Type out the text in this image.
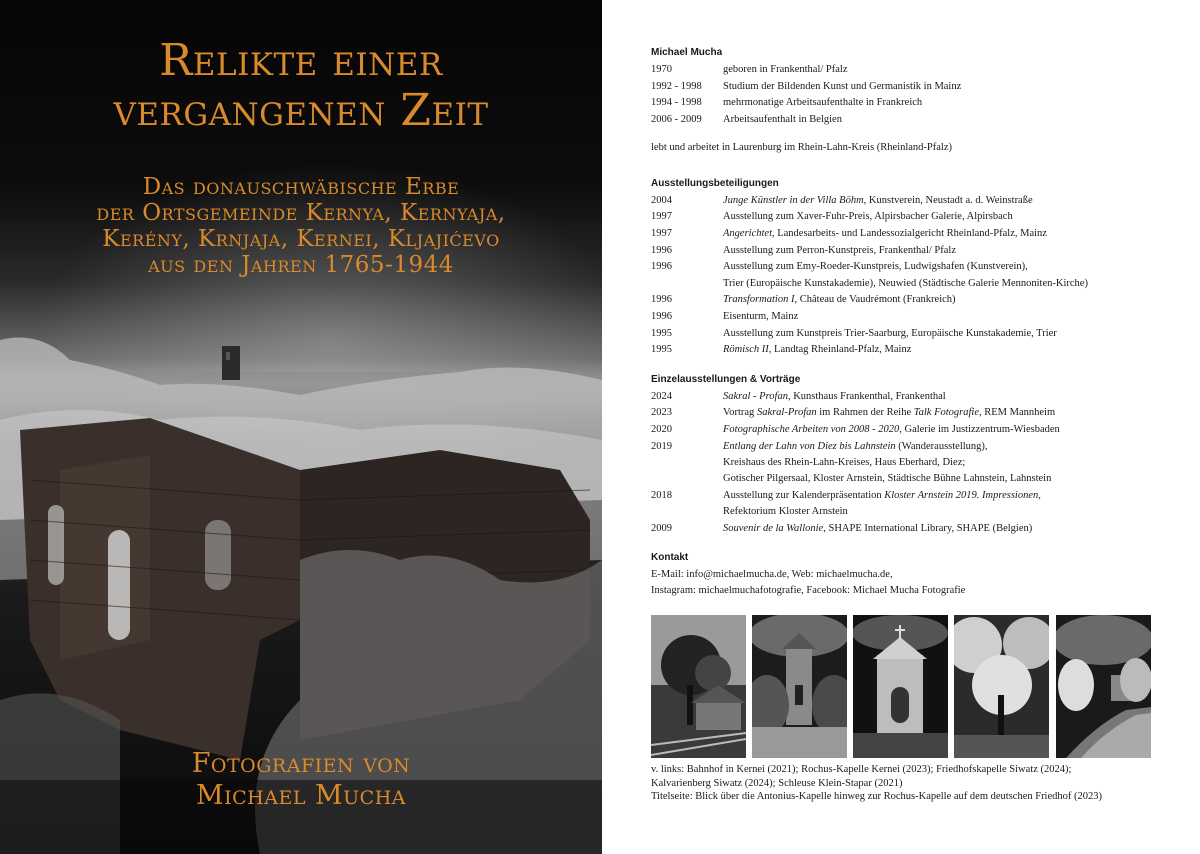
Relikte einer
vergangenen Zeit
Das donauschwäbische Erbe
der Ortsgemeinde Kernya, Kernyaja,
Kerény, Krnjaja, Kernei, Kljajićevo
aus den Jahren 1765-1944
Fotografien von
Michael Mucha
Michael Mucha
1970	geboren in Frankenthal/ Pfalz
1992 - 1998	Studium der Bildenden Kunst und Germanistik in Mainz
1994 - 1998	mehrmonatige Arbeitsaufenthalte in Frankreich
2006 - 2009	Arbeitsaufenthalt in Belgien
lebt und arbeitet in Laurenburg im Rhein-Lahn-Kreis (Rheinland-Pfalz)
Ausstellungsbeteiligungen
2004	Junge Künstler in der Villa Böhm, Kunstverein, Neustadt a. d. Weinstraße
1997	Ausstellung zum Xaver-Fuhr-Preis, Alpirsbacher Galerie, Alpirsbach
1997	Angerichtet, Landesarbeits- und Landessozialgericht Rheinland-Pfalz, Mainz
1996	Ausstellung zum Perron-Kunstpreis, Frankenthal/ Pfalz
1996	Ausstellung zum Emy-Roeder-Kunstpreis, Ludwigshafen (Kunstverein),
Trier (Europäische Kunstakademie), Neuwied (Städtische Galerie Mennoniten-Kirche)
1996	Transformation I, Château de Vaudrémont (Frankreich)
1996	Eisenturm, Mainz
1995	Ausstellung zum Kunstpreis Trier-Saarburg, Europäische Kunstakademie, Trier
1995	Römisch II, Landtag Rheinland-Pfalz, Mainz
Einzelausstellungen & Vorträge
2024	Sakral - Profan, Kunsthaus Frankenthal, Frankenthal
2023	Vortrag Sakral-Profan im Rahmen der Reihe Talk Fotografie, REM Mannheim
2020	Fotographische Arbeiten von 2008 - 2020, Galerie im Justizzentrum-Wiesbaden
2019	Entlang der Lahn von Diez bis Lahnstein (Wanderausstellung),
Kreishaus des Rhein-Lahn-Kreises, Haus Eberhard, Diez;
Gotischer Pilgersaal, Kloster Arnstein, Städtische Bühne Lahnstein, Lahnstein
2018	Ausstellung zur Kalenderpräsentation Kloster Arnstein 2019. Impressionen,
Refektorium Kloster Arnstein
2009	Souvenir de la Wallonie, SHAPE International Library, SHAPE (Belgien)
Kontakt
E-Mail: info@michaelmucha.de, Web: michaelmucha.de,
Instagram: michaelmuchafotografie, Facebook: Michael Mucha Fotografie
v. links: Bahnhof in Kernei (2021); Rochus-Kapelle Kernei (2023); Friedhofskapelle Siwatz (2024);
Kalvarienberg Siwatz (2024); Schleuse Klein-Stapar (2021)
Titelseite: Blick über die Antonius-Kapelle hinweg zur Rochus-Kapelle auf dem deutschen Friedhof (2023)
